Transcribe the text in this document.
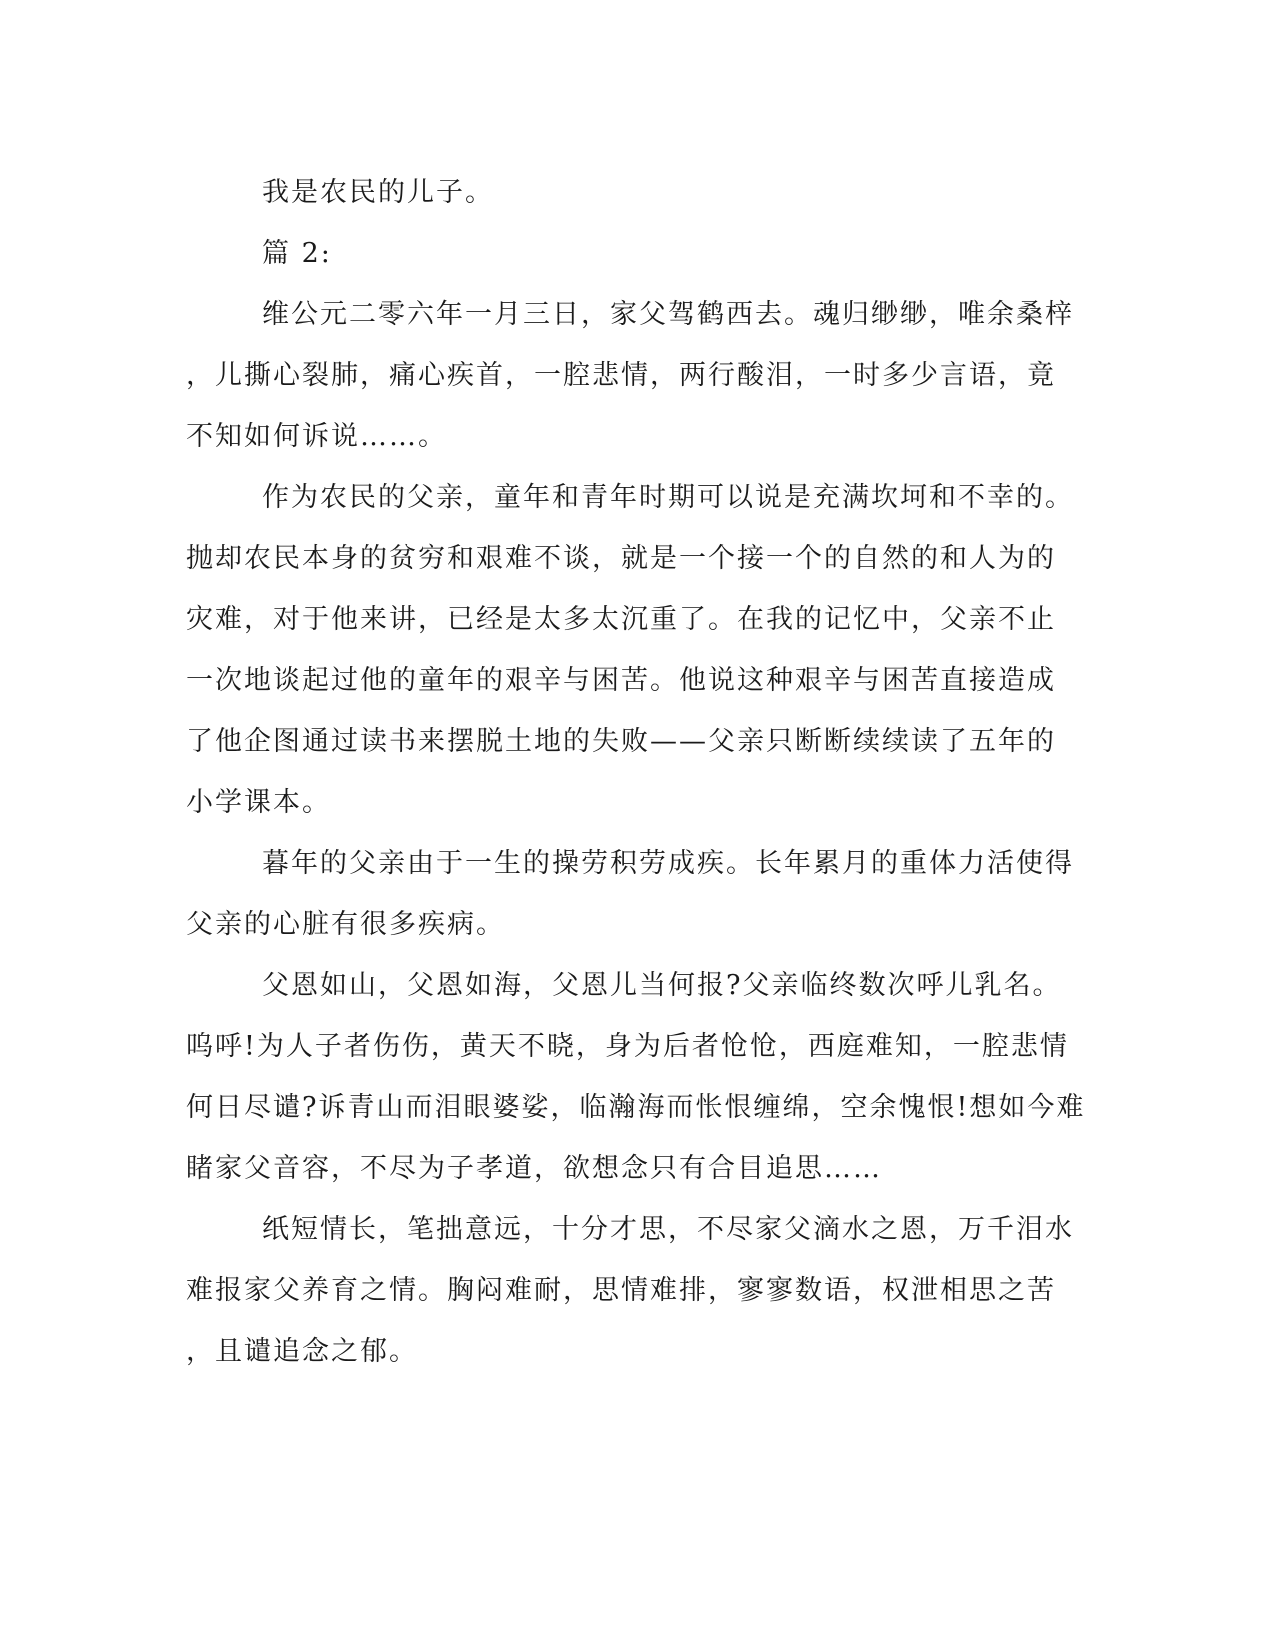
我是农民的儿子。
篇 2:
维公元二零六年一月三日，家父驾鹤西去。魂归缈缈，唯余桑梓
，儿撕心裂肺，痛心疾首，一腔悲情，两行酸泪，一时多少言语，竟
不知如何诉说……。
作为农民的父亲，童年和青年时期可以说是充满坎坷和不幸的。
抛却农民本身的贫穷和艰难不谈，就是一个接一个的自然的和人为的
灾难，对于他来讲，已经是太多太沉重了。在我的记忆中，父亲不止
一次地谈起过他的童年的艰辛与困苦。他说这种艰辛与困苦直接造成
了他企图通过读书来摆脱土地的失败——父亲只断断续续读了五年的
小学课本。
暮年的父亲由于一生的操劳积劳成疾。长年累月的重体力活使得
父亲的心脏有很多疾病。
父恩如山，父恩如海，父恩儿当何报?父亲临终数次呼儿乳名。
呜呼!为人子者伤伤，黄天不晓，身为后者怆怆，西庭难知，一腔悲情
何日尽谴?诉青山而泪眼婆娑，临瀚海而怅恨缠绵，空余愧恨!想如今难
睹家父音容，不尽为子孝道，欲想念只有合目追思……
纸短情长，笔拙意远，十分才思，不尽家父滴水之恩，万千泪水
难报家父养育之情。胸闷难耐，思情难排，寥寥数语，权泄相思之苦
，且谴追念之郁。
